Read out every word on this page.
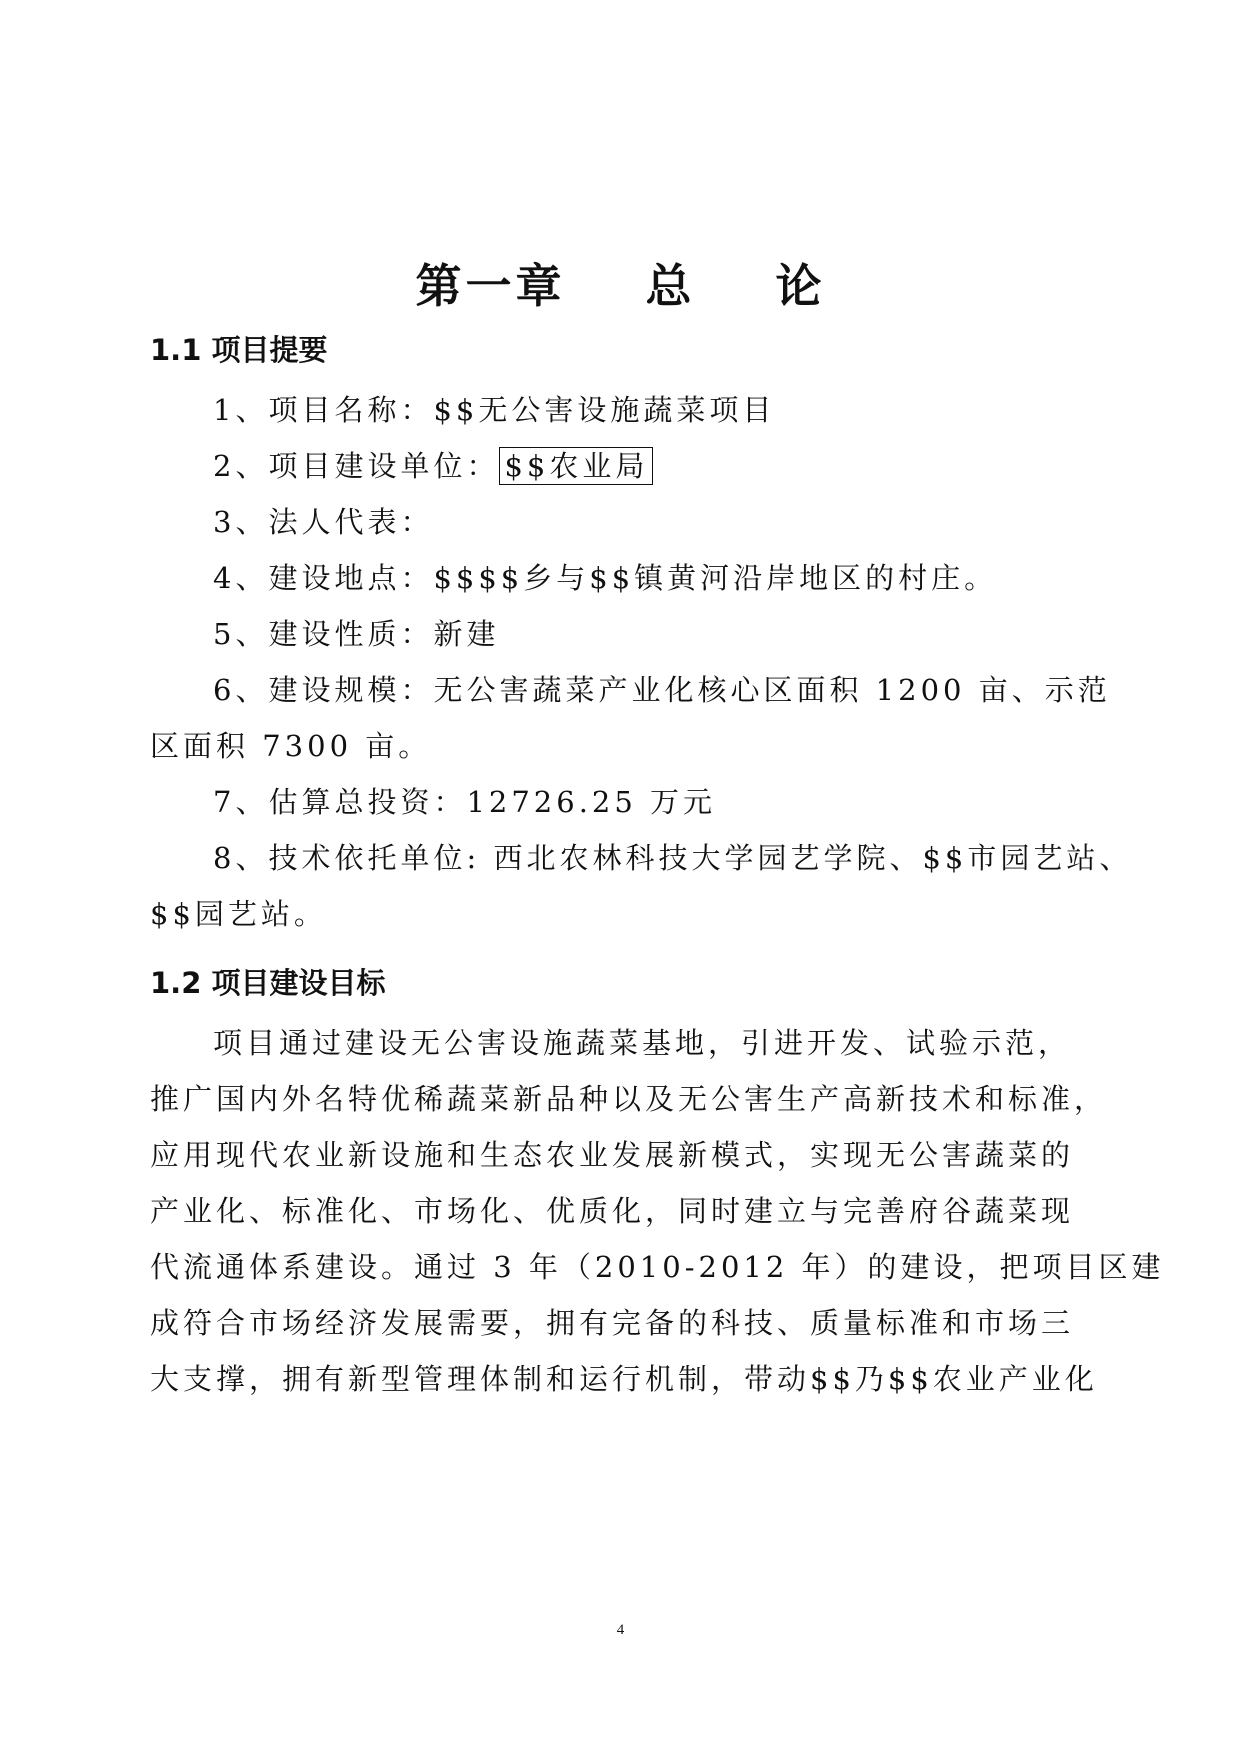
第一章    总    论
1.1 项目提要
1、项目名称：$$无公害设施蔬菜项目
2、项目建设单位： $$农业局
3、法人代表：
4、建设地点：$$$$乡与$$镇黄河沿岸地区的村庄。
5、建设性质：新建
6、建设规模：无公害蔬菜产业化核心区面积 1200 亩、示范
区面积 7300 亩。
7、估算总投资：12726.25 万元
8、技术依托单位: 西北农林科技大学园艺学院、$$市园艺站、
$$园艺站。
1.2 项目建设目标
项目通过建设无公害设施蔬菜基地，引进开发、试验示范，
推广国内外名特优稀蔬菜新品种以及无公害生产高新技术和标准，
应用现代农业新设施和生态农业发展新模式，实现无公害蔬菜的
产业化、标准化、市场化、优质化，同时建立与完善府谷蔬菜现
代流通体系建设。通过 3 年（2010-2012 年）的建设，把项目区建
成符合市场经济发展需要，拥有完备的科技、质量标准和市场三
大支撑，拥有新型管理体制和运行机制，带动$$乃$$农业产业化
4
